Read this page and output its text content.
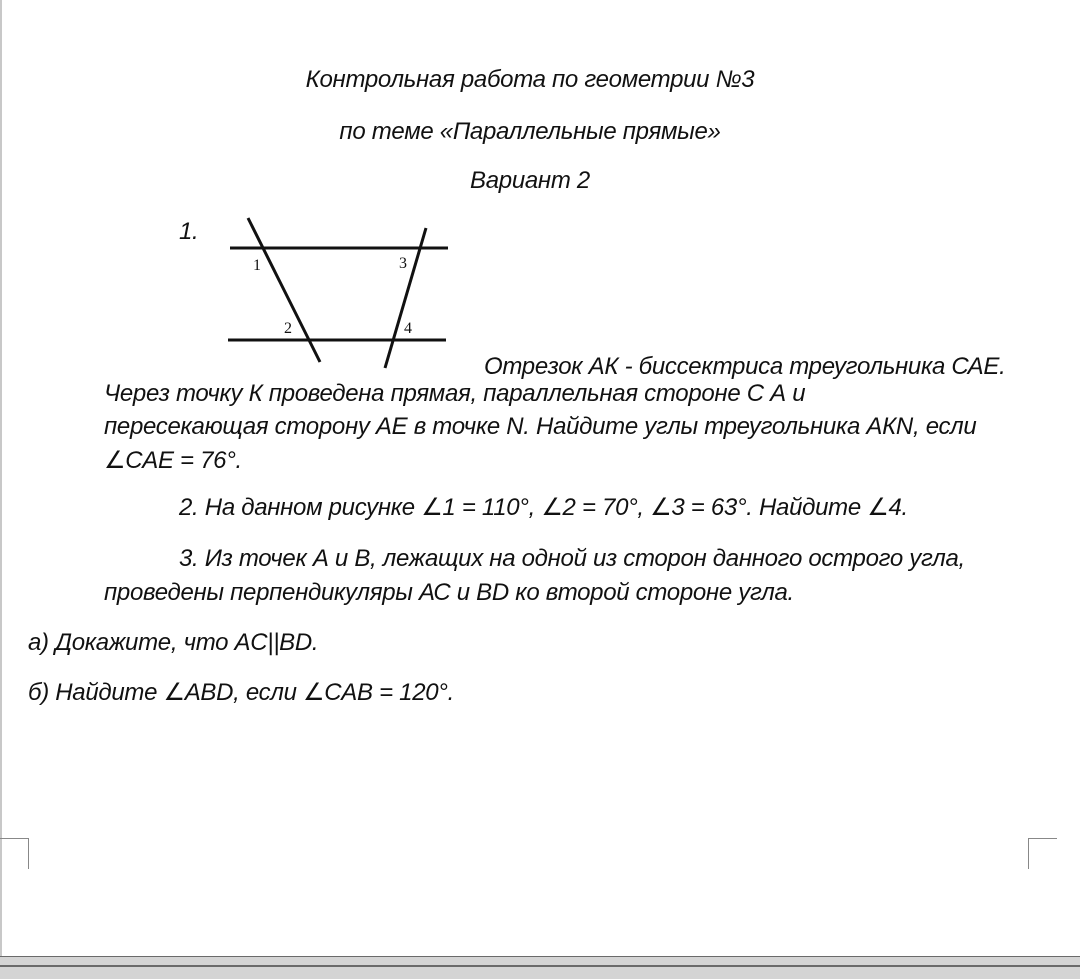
Контрольная работа по геометрии №3
по теме «Параллельные прямые»
Вариант 2
1.
1
2
3
4
Отрезок АК - биссектриса треугольника САЕ.
Через точку К проведена прямая, параллельная стороне С А и
пересекающая сторону АЕ в точке N. Найдите углы треугольника АКN, если
∠CAE = 76°.
2. На данном рисунке ∠1 = 110°, ∠2 = 70°, ∠3 = 63°. Найдите ∠4.
3. Из точек А и В, лежащих на одной из сторон данного острого угла,
проведены перпендикуляры АС и BD ко второй стороне угла.
а) Докажите, что AC||BD.
б) Найдите ∠ABD, если ∠CAB = 120°.
